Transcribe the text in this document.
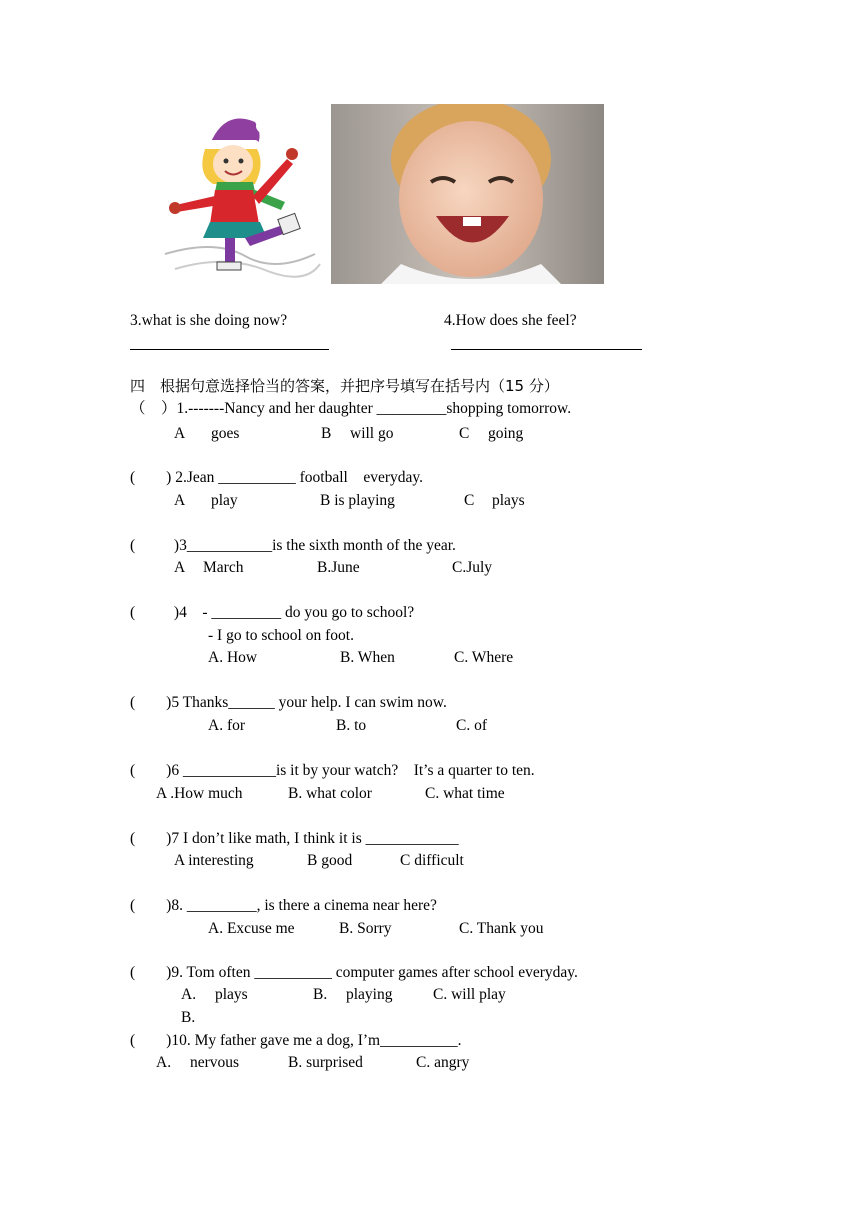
3.what is she doing now?	4.How does she feel?
四　根据句意选择恰当的答案，并把序号填写在括号内（15 分）
（　）1.-------Nancy and her daughter _________shopping tomorrow.
A goes	B will go	C going
(        ) 2.Jean __________ football    everyday.
A play	B is playing	C plays
(          )3___________is the sixth month of the year.
A March	B.June	C.July
(          )4    - _________ do you go to school?
- I go to school on foot.
A. How	B. When	C. Where
(        )5 Thanks______ your help. I can swim now.
A. for	B. to	C. of
(        )6 ____________is it by your watch?    It’s a quarter to ten.
A .How much	B. what color	C. what time
(        )7 I don’t like math, I think it is ____________
A interesting	B good	C difficult
(        )8. _________, is there a cinema near here?
A. Excuse me	B. Sorry	C. Thank you
(        )9. Tom often __________ computer games after school everyday.
A. plays	B. playing	C. will play
B.
(        )10. My father gave me a dog, I’m__________.
A. nervous	B. surprised	C. angry
